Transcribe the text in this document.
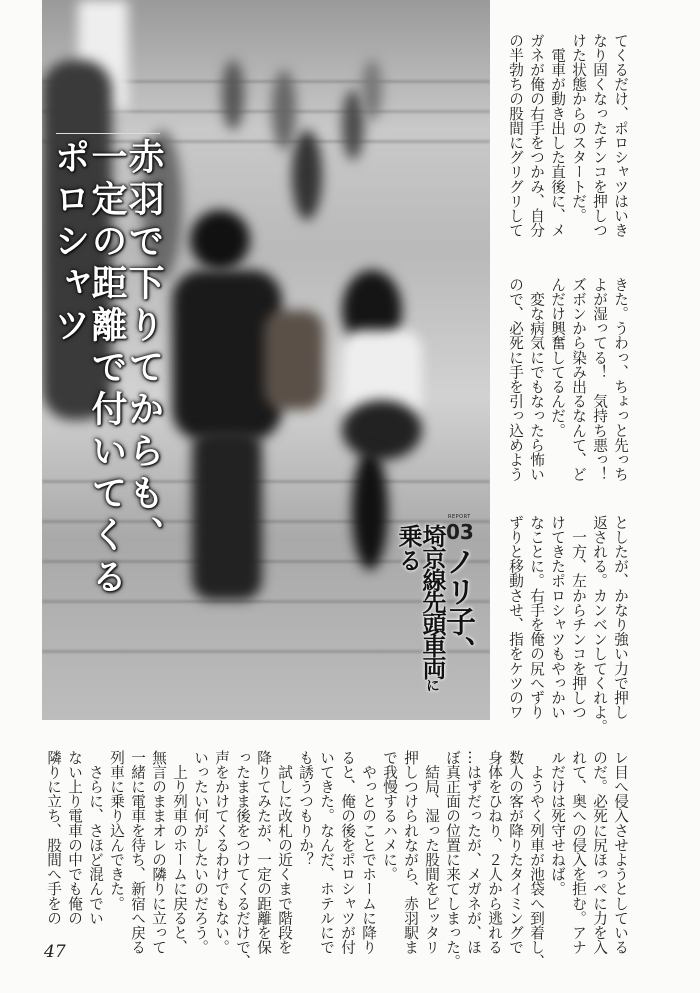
赤羽で下りてからも、
一定の距離で付いてくる
ポロシャツ
REPORT
03
ノリ子、
埼京線先頭車両に
乗る
てくるだけ、ポロシャツはいき
なり固くなったチンコを押しつ
けた状態からのスタートだ。
　電車が動き出した直後に、メ
ガネが俺の右手をつかみ、自分
の半勃ちの股間にグリグリして
きた。うわっ、ちょっと先っち
よが湿ってる！　気持ち悪っ！
ズボンから染み出るなんて、ど
んだけ興奮してるんだ。
　変な病気にでもなったら怖い
ので、必死に手を引っ込めよう
としたが、かなり強い力で押し
返される。カンベンしてくれよ。
　一方、左からチンコを押しつ
けてきたポロシャツもやっかい
なことに。右手を俺の尻へずり
ずりと移動させ、指をケツのワ
レ目へ侵入させようとしている
のだ。必死に尻ほっぺに力を入
れて、奥への侵入を拒む。アナ
ルだけは死守せねば。
　ようやく列車が池袋へ到着し、
数人の客が降りたタイミングで
身体をひねり、２人から逃れる
…はずだったが、メガネが、ほ
ぼ真正面の位置に来てしまった。
　結局、湿った股間をピッタリ
押しつけられながら、赤羽駅ま
で我慢するハメに。
　やっとのことでホームに降り
ると、俺の後をポロシャツが付
いてきた。なんだ、ホテルにで
も誘うつもりか？
　試しに改札の近くまで階段を
降りてみたが、一定の距離を保
ったまま後をつけてくるだけで、
声をかけてくるわけでもない。
いったい何がしたいのだろう。
　上り列車のホームに戻ると、
無言のままオレの隣りに立って
一緒に電車を待ち、新宿へ戻る
列車に乗り込んできた。
　さらに、さほど混んでい
ない上り電車の中でも俺の
隣りに立ち、股間へ手をの
47
